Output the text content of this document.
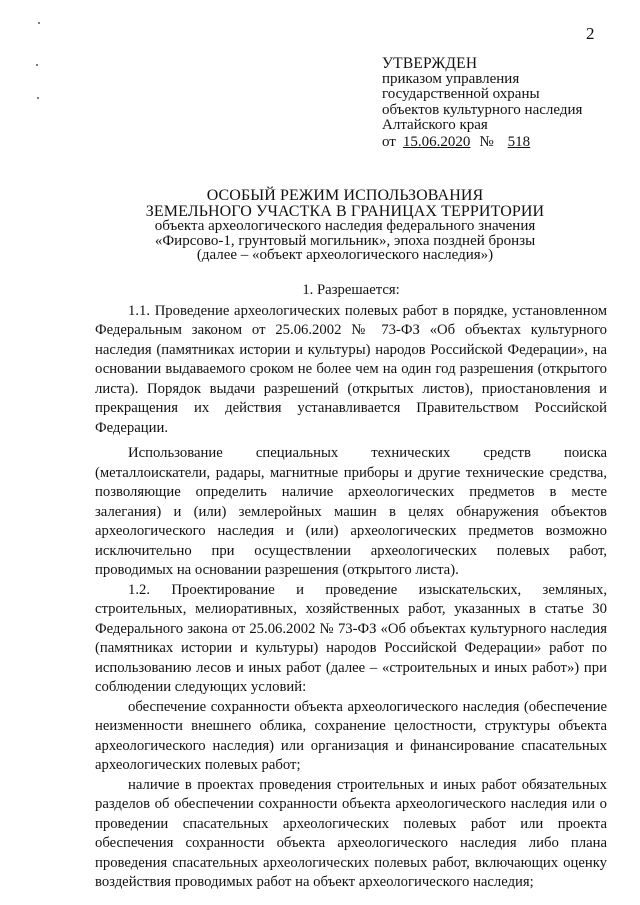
2
УТВЕРЖДЕН
приказом управления
государственной охраны
объектов культурного наследия
Алтайского края
от 15.06.2020 № 518
ОСОБЫЙ РЕЖИМ ИСПОЛЬЗОВАНИЯ
ЗЕМЕЛЬНОГО УЧАСТКА В ГРАНИЦАХ ТЕРРИТОРИИ
объекта археологического наследия федерального значения
«Фирсово-1, грунтовый могильник», эпоха поздней бронзы
(далее – «объект археологического наследия»)

1. Разрешается:

1.1. Проведение археологических полевых работ в порядке, установленном Федеральным законом от 25.06.2002 № 73-ФЗ «Об объектах культурного наследия (памятниках истории и культуры) народов Российской Федерации», на основании выдаваемого сроком не более чем на один год разрешения (открытого листа). Порядок выдачи разрешений (открытых листов), приостановления и прекращения их действия устанавливается Правительством Российской Федерации.

Использование специальных технических средств поиска (металлоискатели, радары, магнитные приборы и другие технические средства, позволяющие определить наличие археологических предметов в месте залегания) и (или) землеройных машин в целях обнаружения объектов археологического наследия и (или) археологических предметов возможно исключительно при осуществлении археологических полевых работ, проводимых на основании разрешения (открытого листа).

1.2. Проектирование и проведение изыскательских, земляных, строительных, мелиоративных, хозяйственных работ, указанных в статье 30 Федерального закона от 25.06.2002 № 73-ФЗ «Об объектах культурного наследия (памятниках истории и культуры) народов Российской Федерации» работ по использованию лесов и иных работ (далее – «строительных и иных работ») при соблюдении следующих условий:

обеспечение сохранности объекта археологического наследия (обеспечение неизменности внешнего облика, сохранение целостности, структуры объекта археологического наследия) или организация и финансирование спасательных археологических полевых работ;

наличие в проектах проведения строительных и иных работ обязательных разделов об обеспечении сохранности объекта археологического наследия или о проведении спасательных археологических полевых работ или проекта обеспечения сохранности объекта археологического наследия либо плана проведения спасательных археологических полевых работ, включающих оценку воздействия проводимых работ на объект археологического наследия;
